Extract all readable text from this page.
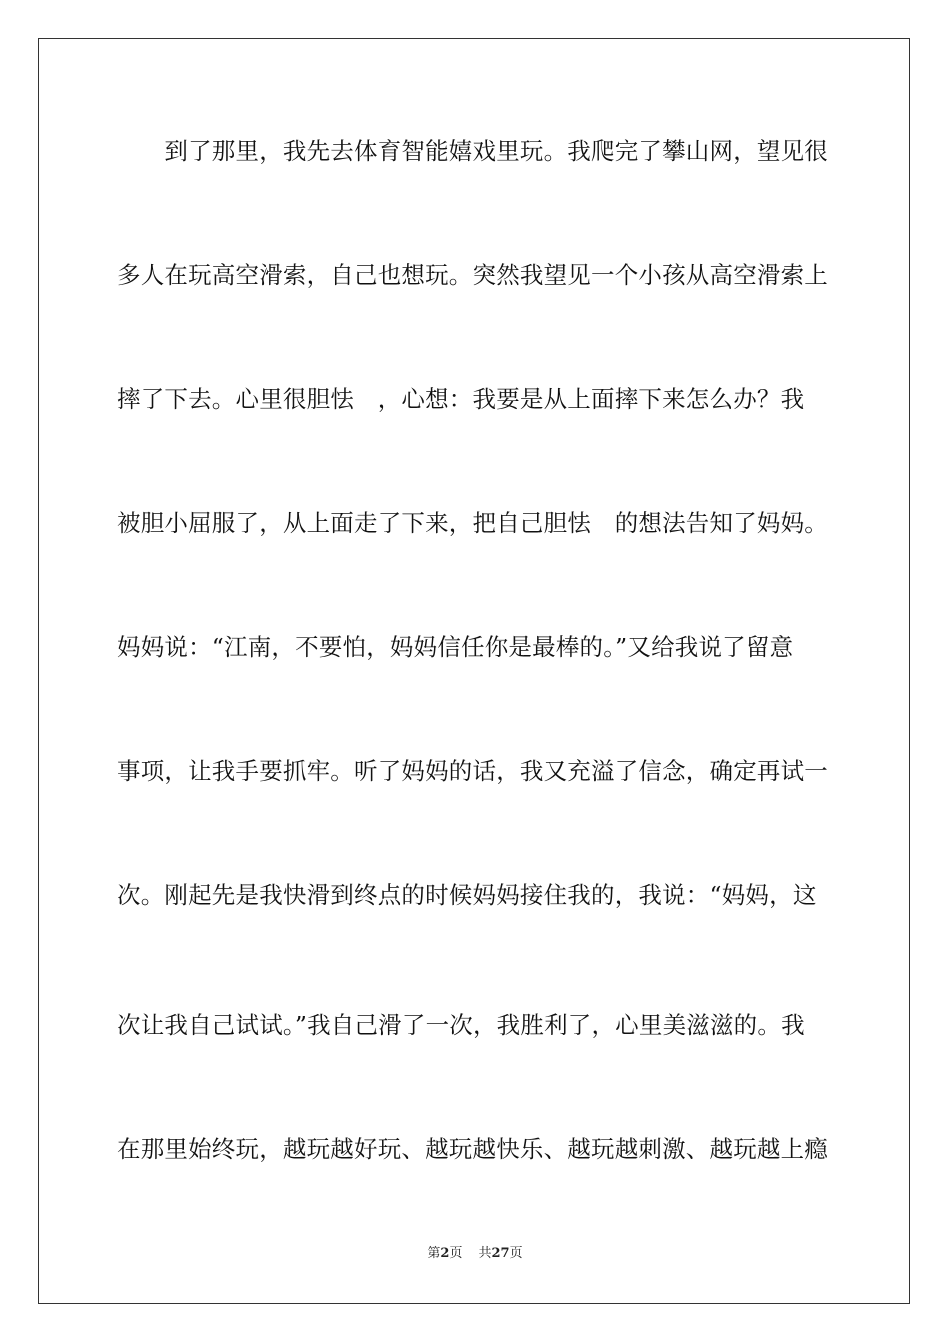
　　到了那里，我先去体育智能嬉戏里玩。我爬完了攀山网，望见很
多人在玩高空滑索，自己也想玩。突然我望见一个小孩从高空滑索上
摔了下去。心里很胆怯　，心想：我要是从上面摔下来怎么办？我
被胆小屈服了，从上面走了下来，把自己胆怯　的想法告知了妈妈。
妈妈说：“江南，不要怕，妈妈信任你是最棒的。”又给我说了留意
事项，让我手要抓牢。听了妈妈的话，我又充溢了信念，确定再试一
次。刚起先是我快滑到终点的时候妈妈接住我的，我说：“妈妈，这
次让我自己试试。”我自己滑了一次，我胜利了，心里美滋滋的。我
在那里始终玩，越玩越好玩、越玩越快乐、越玩越刺激、越玩越上瘾
第2页 共27页
